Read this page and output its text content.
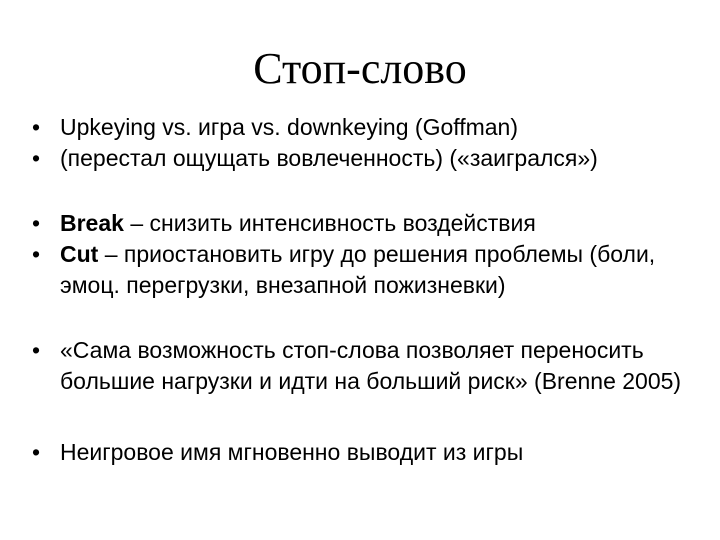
Стоп-слово
• Upkeying vs. игра vs. downkeying (Goffman)
• (перестал ощущать вовлеченность) («заигрался»)
• Break – снизить интенсивность воздействия
• Cut – приостановить игру до решения проблемы (боли, эмоц. перегрузки, внезапной пожизневки)
• «Сама возможность стоп-слова позволяет переносить большие нагрузки и идти на больший риск» (Brenne 2005)
• Неигровое имя мгновенно выводит из игры
